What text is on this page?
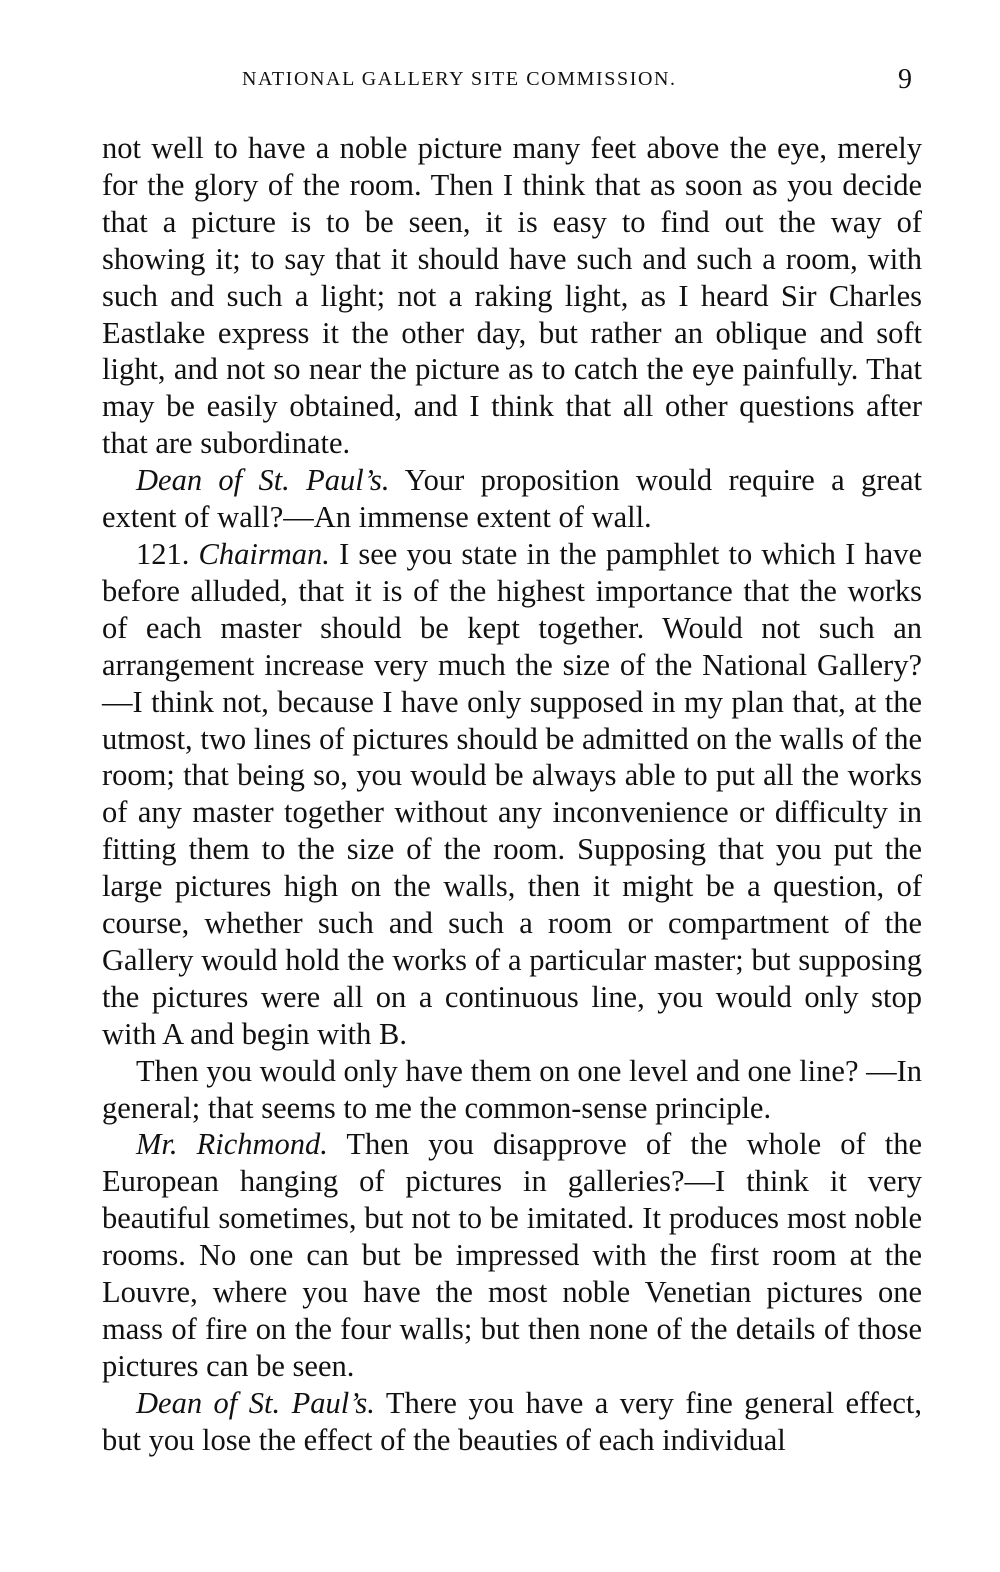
NATIONAL GALLERY SITE COMMISSION.	9

not well to have a noble picture many feet above the eye, merely for the glory of the room. Then I think that as soon as you decide that a picture is to be seen, it is easy to find out the way of showing it; to say that it should have such and such a room, with such and such a light; not a raking light, as I heard Sir Charles Eastlake express it the other day, but rather an oblique and soft light, and not so near the picture as to catch the eye painfully. That may be easily obtained, and I think that all other questions after that are subordinate.

Dean of St. Paul’s. Your proposition would require a great extent of wall?—An immense extent of wall.

121. Chairman. I see you state in the pamphlet to which I have before alluded, that it is of the highest importance that the works of each master should be kept together. Would not such an arrangement increase very much the size of the National Gallery?—I think not, because I have only supposed in my plan that, at the utmost, two lines of pictures should be admitted on the walls of the room; that being so, you would be always able to put all the works of any master together without any inconvenience or difficulty in fitting them to the size of the room. Supposing that you put the large pictures high on the walls, then it might be a question, of course, whether such and such a room or compartment of the Gallery would hold the works of a particular master; but supposing the pictures were all on a continuous line, you would only stop with A and begin with B.

Then you would only have them on one level and one line? —In general; that seems to me the common-sense principle.

Mr. Richmond. Then you disapprove of the whole of the European hanging of pictures in galleries?—I think it very beautiful sometimes, but not to be imitated. It produces most noble rooms. No one can but be impressed with the first room at the Louvre, where you have the most noble Venetian pictures one mass of fire on the four walls; but then none of the details of those pictures can be seen.

Dean of St. Paul’s. There you have a very fine general effect, but you lose the effect of the beauties of each individual
